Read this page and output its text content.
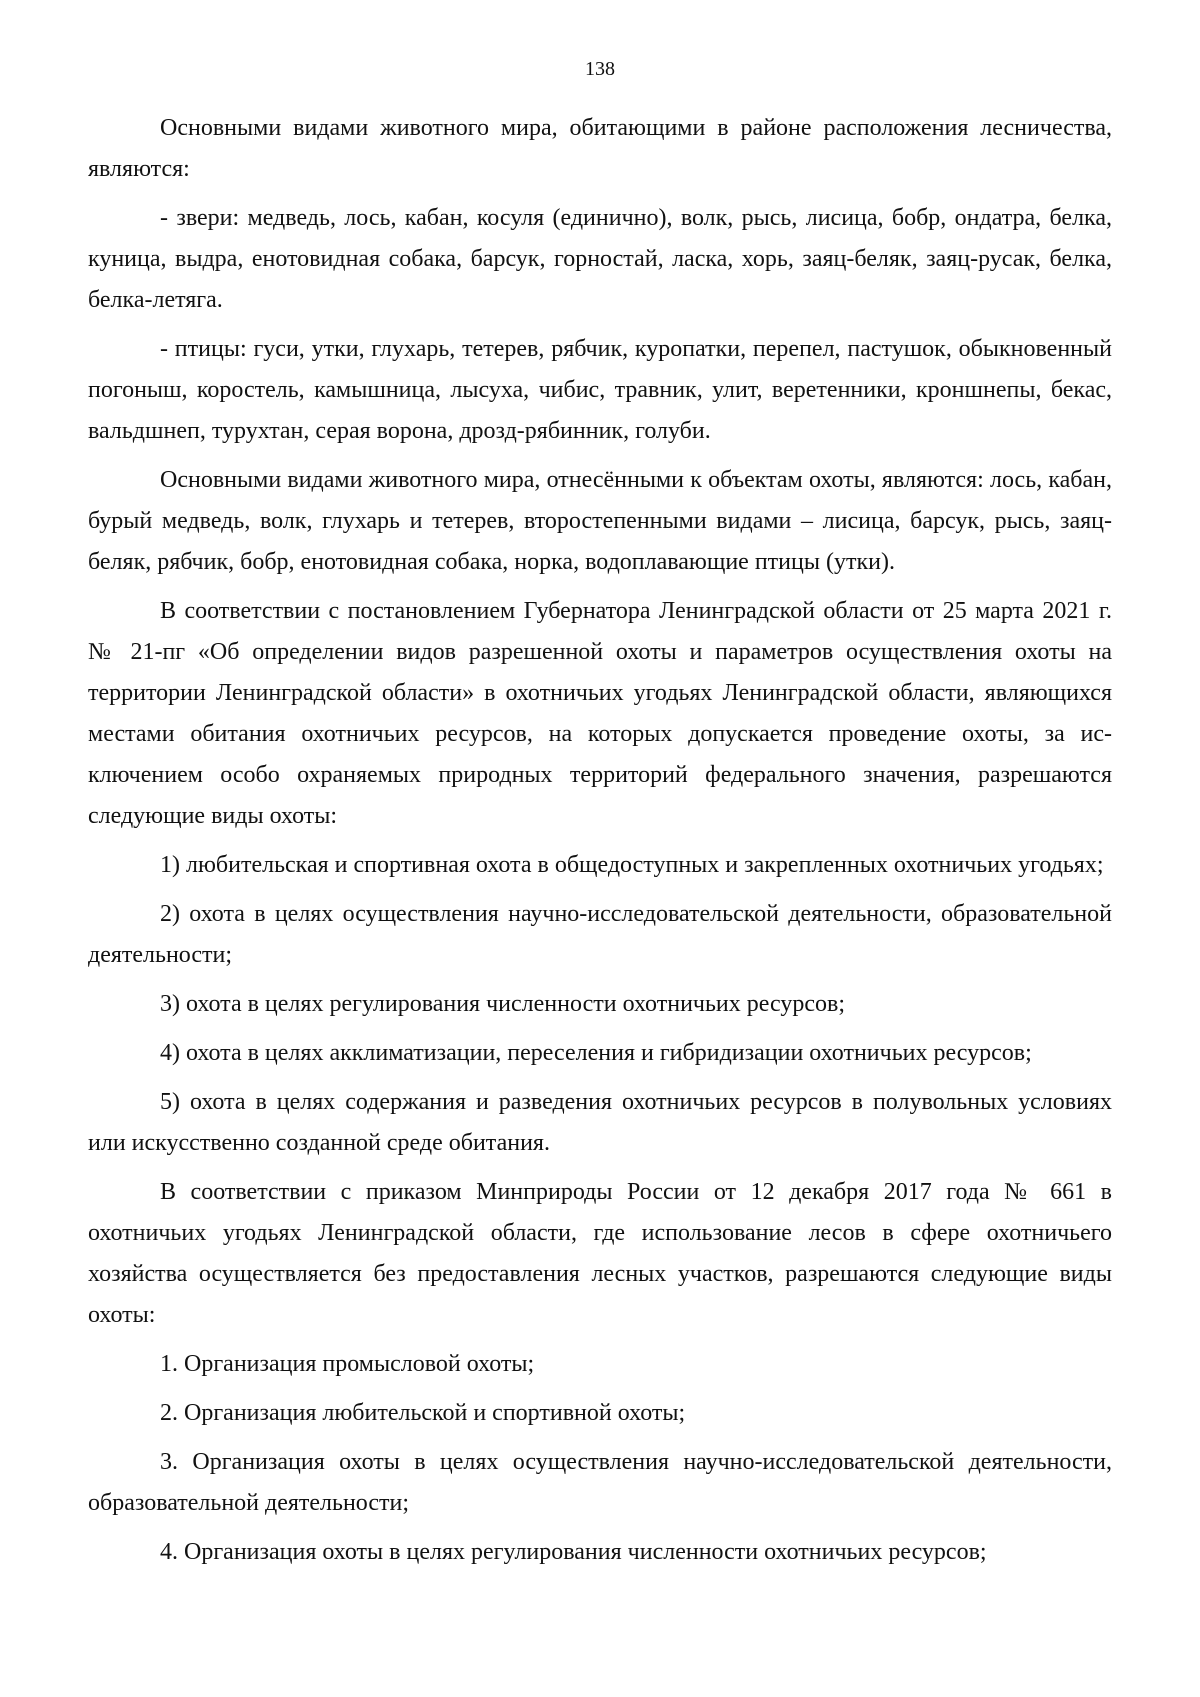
138

Основными видами животного мира, обитающими в районе расположения лесничества, являются:

- звери: медведь, лось, кабан, косуля (единично), волк, рысь, лисица, бобр, ондатра, белка, куница, выдра, енотовидная собака, барсук, горностай, ласка, хорь, заяц-беляк, заяц-русак, белка, белка-летяга.

- птицы: гуси, утки, глухарь, тетерев, рябчик, куропатки, перепел, пастушок, обыкновенный погоныш, коростель, камышница, лысуха, чибис, травник, улит, веретенники, кроншнепы, бекас, вальдшнеп, турухтан, серая ворона, дрозд-рябинник, голуби.

Основными видами животного мира, отнесёнными к объектам охоты, являются: лось, кабан, бурый медведь, волк, глухарь и тетерев, второстепенными видами – лисица, барсук, рысь, заяц-беляк, рябчик, бобр, енотовидная собака, норка, водоплавающие птицы (утки).

В соответствии с постановлением Губернатора Ленинградской области от 25 марта 2021 г. № 21-пг «Об определении видов разрешенной охоты и параметров осуществления охоты на территории Ленинградской области» в охотничьих угодьях Ленинградской области, являющихся местами обитания охотничьих ресурсов, на которых допускается проведение охоты, за исключением особо охраняемых природных территорий федерального значения, разрешаются следующие виды охоты:

1) любительская и спортивная охота в общедоступных и закрепленных охотничьих угодьях;

2) охота в целях осуществления научно-исследовательской деятельности, образовательной деятельности;

3) охота в целях регулирования численности охотничьих ресурсов;

4) охота в целях акклиматизации, переселения и гибридизации охотничьих ресурсов;

5) охота в целях содержания и разведения охотничьих ресурсов в полувольных условиях или искусственно созданной среде обитания.

В соответствии с приказом Минприроды России от 12 декабря 2017 года № 661 в охотничьих угодьях Ленинградской области, где использование лесов в сфере охотничьего хозяйства осуществляется без предоставления лесных участков, разрешаются следующие виды охоты:

1. Организация промысловой охоты;

2. Организация любительской и спортивной охоты;

3. Организация охоты в целях осуществления научно-исследовательской деятельности, образовательной деятельности;

4. Организация охоты в целях регулирования численности охотничьих ресурсов;
